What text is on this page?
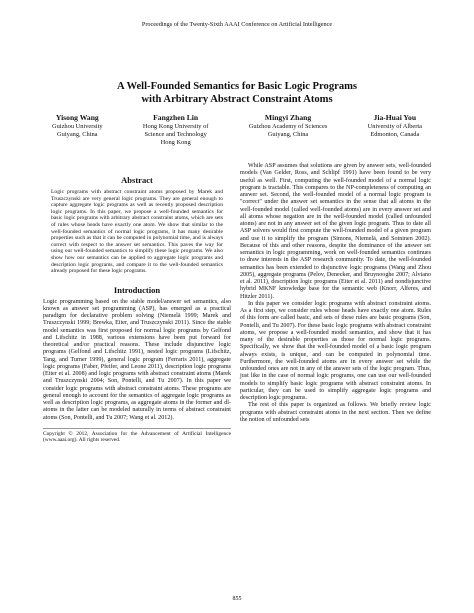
Proceedings of the Twenty-Sixth AAAI Conference on Artificial Intelligence
A Well-Founded Semantics for Basic Logic Programs
with Arbitrary Abstract Constraint Atoms
Yisong Wang
Guizhou University
Guiyang, China
Fangzhen Lin
Hong Kong University of
Science and Technology
Hong Kong
Mingyi Zhang
Guizhou Academy of Sciences
Guiyang, China
Jia-Huai You
University of Alberta
Edmonton, Canada
Abstract
Logic programs with abstract constraint atoms proposed by Marek and Truszczynski are very general logic programs. They are general enough to capture aggregate logic programs as well as recently proposed description logic programs. In this paper, we propose a well-founded semantics for basic logic programs with arbitrary abstract constraint atoms, which are sets of rules whose heads have exactly one atom. We show that similar to the well-founded semantics of normal logic programs, it has many desirable properties such as that it can be computed in polynomial time, and is always correct with respect to the answer set semantics. This paves the way for using our well-founded semantics to simplify these logic programs. We also show how our semantics can be applied to aggregate logic programs and description logic programs, and compare it to the well-founded semantics already proposed for these logic programs.
Introduction

Logic programming based on the stable model/answer set semantics, also known as answer set programming (ASP), has emerged as a practical paradigm for declarative problem solving (Niemelä 1999; Marek and Truszczynski 1999; Brewka, Eiter, and Truszczynski 2011). Since the stable model semantics was first proposed for normal logic programs by Gelfond and Lifschitz in 1988, various extensions have been put forward for theoretical and/or practical reasons. These include disjunctive logic programs (Gelfond and Lifschitz 1991), nested logic programs (Lifschitz, Tang, and Turner 1999), general logic program (Ferraris 2011), aggregate logic programs (Faber, Pfeifer, and Leone 2011), description logic programs (Eiter et al. 2008) and logic programs with abstract constraint atoms (Marek and Truszczynski 2004; Son, Pontelli, and Tu 2007). In this paper we consider logic programs with abstract constraint atoms. These programs are general enough to account for the semantics of aggregate logic programs as well as description logic programs, as aggregate atoms in the former and dl-atoms in the latter can be modeled naturally in terms of abstract constraint atoms (Son, Pontelli, and Tu 2007; Wang et al. 2012).

Copyright © 2012, Association for the Advancement of Artificial Intelligence (www.aaai.org). All rights reserved.

While ASP assumes that solutions are given by answer sets, well-founded models (Van Gelder, Ross, and Schlipf 1991) have been found to be very useful as well. First, computing the well-founded model of a normal logic program is tractable. This compares to the NP-completeness of computing an answer set. Second, the well-founded model of a normal logic program is "correct" under the answer set semantics in the sense that all atoms in the well-founded model (called well-founded atoms) are in every answer set and all atoms whose negation are in the well-founded model (called unfounded atoms) are not in any answer set of the given logic program. Thus to date all ASP solvers would first compute the well-founded model of a given program and use it to simplify the program (Simons, Niemelä, and Soininen 2002). Because of this and other reasons, despite the dominance of the answer set semantics in logic programming, work on well-founded semantics continues to draw interests in the ASP research community. To date, the well-founded semantics has been extended to disjunctive logic programs (Wang and Zhou 2005), aggregate programs (Pelov, Denecker, and Bruynooghe 2007; Alviano et al. 2011), description logic programs (Eiter et al. 2011) and nondisjunctive hybrid MKNF knowledge base for the semantic web (Knorr, Alferes, and Hitzler 2011).

In this paper we consider logic programs with abstract constraint atoms. As a first step, we consider rules whose heads have exactly one atom. Rules of this form are called basic, and sets of these rules are basic programs (Son, Pontelli, and Tu 2007). For these basic logic programs with abstract constraint atoms, we propose a well-founded model semantics, and show that it has many of the desirable properties as those for normal logic programs. Specifically, we show that the well-founded model of a basic logic program always exists, is unique, and can be computed in polynomial time. Furthermore, the well-founded atoms are in every answer set while the unfounded ones are not in any of the answer sets of the logic program. Thus, just like in the case of normal logic programs, one can use our well-founded models to simplify basic logic programs with abstract constraint atoms. In particular, they can be used to simplify aggregate logic programs and description logic programs.

The rest of this paper is organized as follows. We briefly review logic programs with abstract constraint atoms in the next section. Then we define the notion of unfounded sets

855
